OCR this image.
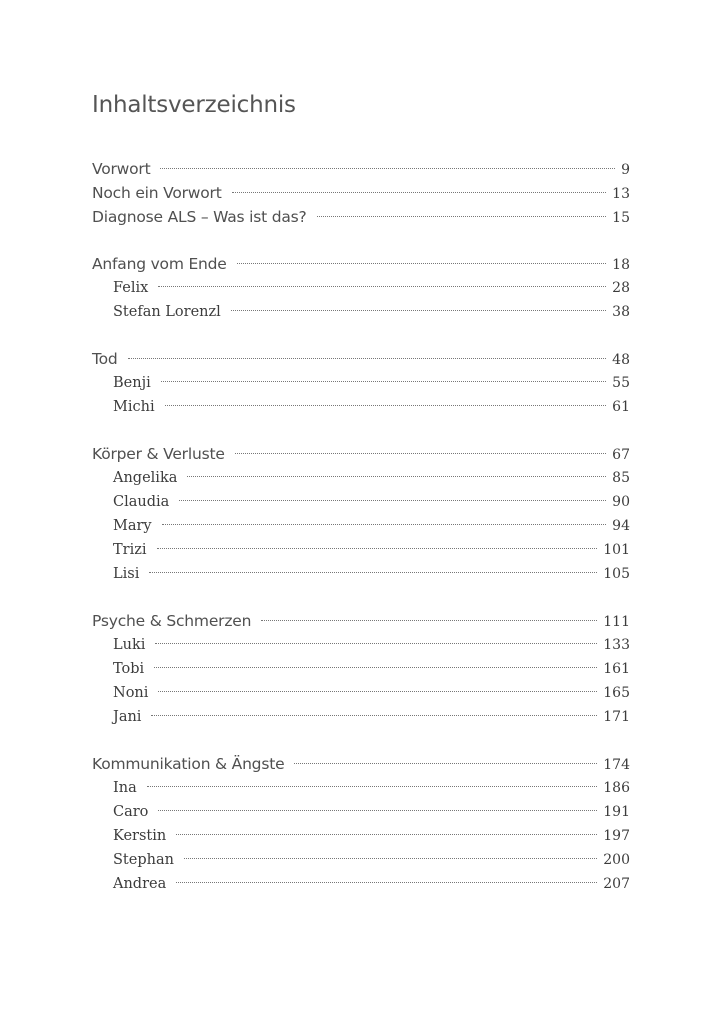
Inhaltsverzeichnis
Vorwort	9
Noch ein Vorwort	13
Diagnose ALS – Was ist das?	15
Anfang vom Ende	18
Felix	28
Stefan Lorenzl	38
Tod	48
Benji	55
Michi	61
Körper & Verluste	67
Angelika	85
Claudia	90
Mary	94
Trizi	101
Lisi	105
Psyche & Schmerzen	111
Luki	133
Tobi	161
Noni	165
Jani	171
Kommunikation & Ängste	174
Ina	186
Caro	191
Kerstin	197
Stephan	200
Andrea	207
